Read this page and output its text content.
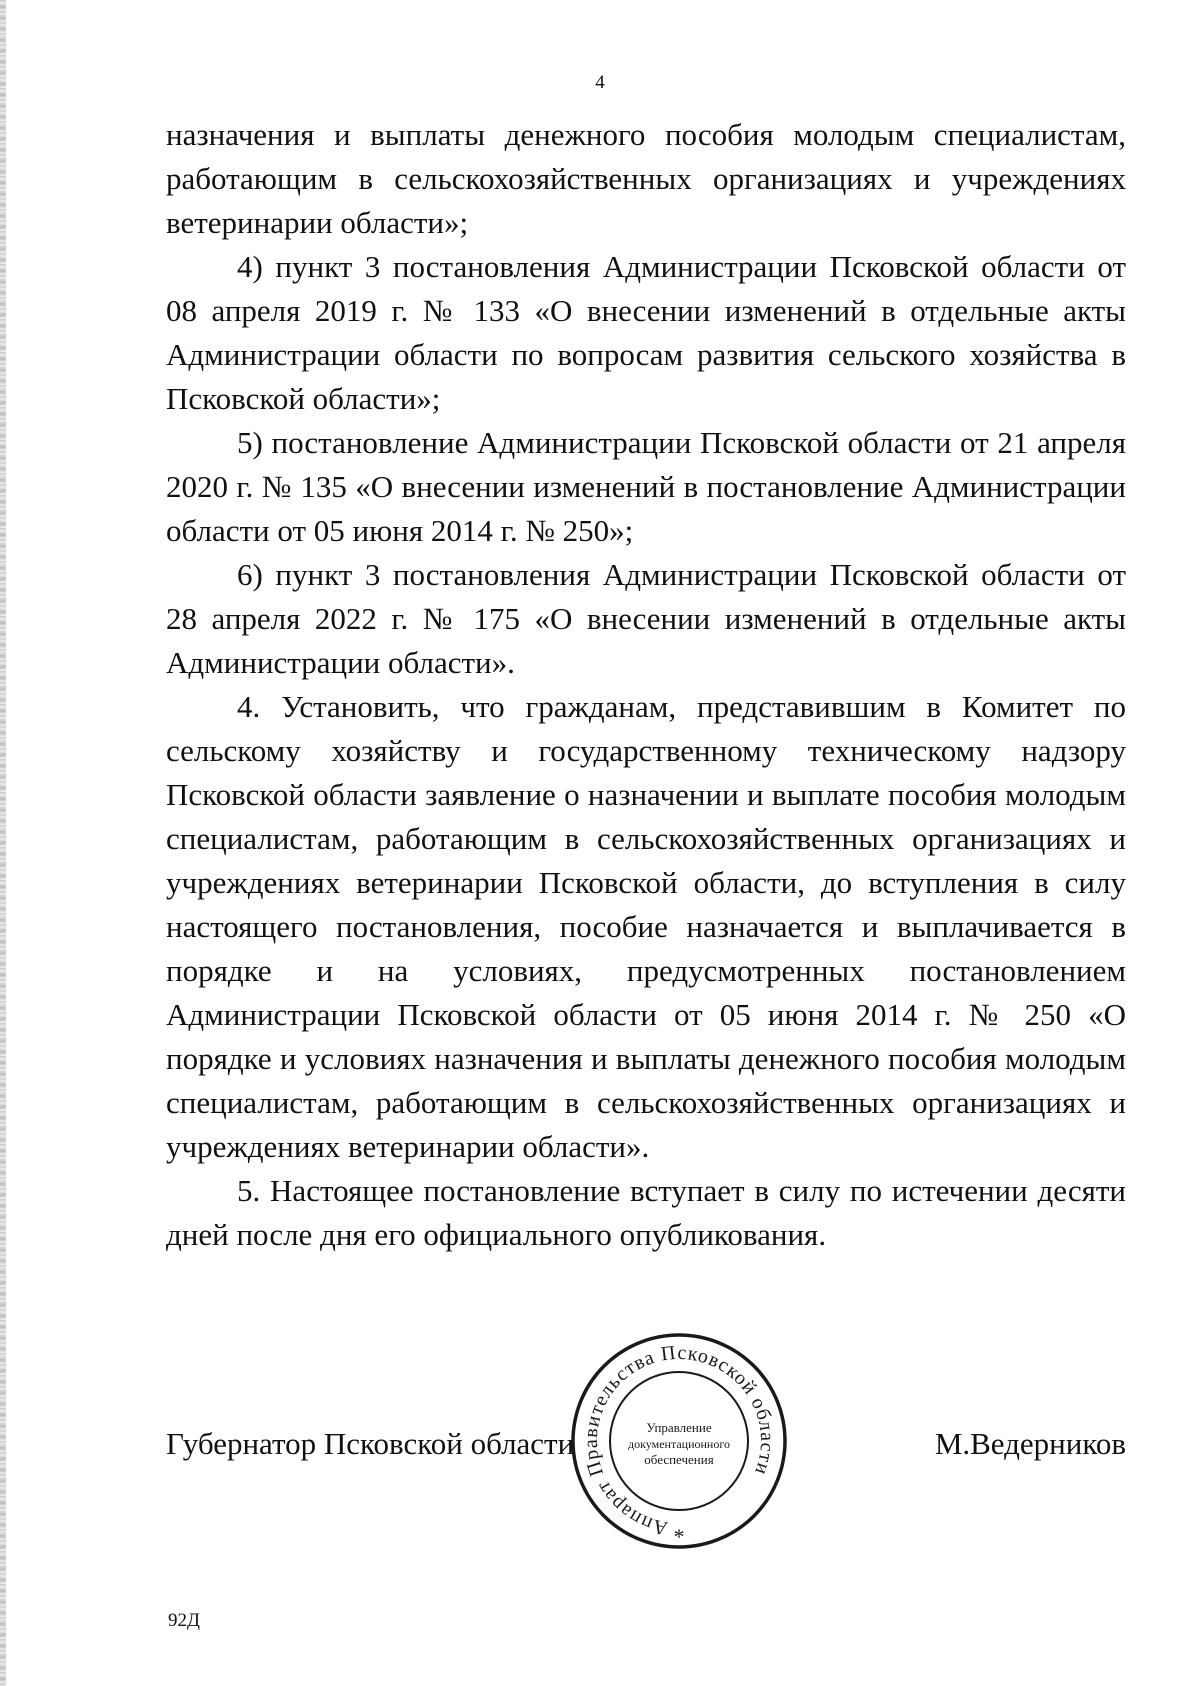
4

назначения и выплаты денежного пособия молодым специалистам, работающим в сельскохозяйственных организациях и учреждениях ветеринарии области»;

4) пункт 3 постановления Администрации Псковской области от 08 апреля 2019 г. № 133 «О внесении изменений в отдельные акты Администрации области по вопросам развития сельского хозяйства в Псковской области»;

5) постановление Администрации Псковской области от 21 апреля 2020 г. № 135 «О внесении изменений в постановление Администрации области от 05 июня 2014 г. № 250»;

6) пункт 3 постановления Администрации Псковской области от 28 апреля 2022 г. № 175 «О внесении изменений в отдельные акты Администрации области».

4. Установить, что гражданам, представившим в Комитет по сельскому хозяйству и государственному техническому надзору Псковской области заявление о назначении и выплате пособия молодым специалистам, работающим в сельскохозяйственных организациях и учреждениях ветеринарии Псковской области, до вступления в силу настоящего постановления, пособие назначается и выплачивается в порядке и на условиях, предусмотренных постановлением Администрации Псковской области от 05 июня 2014 г. № 250 «О порядке и условиях назначения и выплаты денежного пособия молодым специалистам, работающим в сельскохозяйственных организациях и учреждениях ветеринарии области».

5. Настоящее постановление вступает в силу по истечении десяти дней после дня его официального опубликования.

Губернатор Псковской области	М.Ведерников
Аппарат Правительства Псковской области
Управление
документационного
обеспечения
*
92Д
